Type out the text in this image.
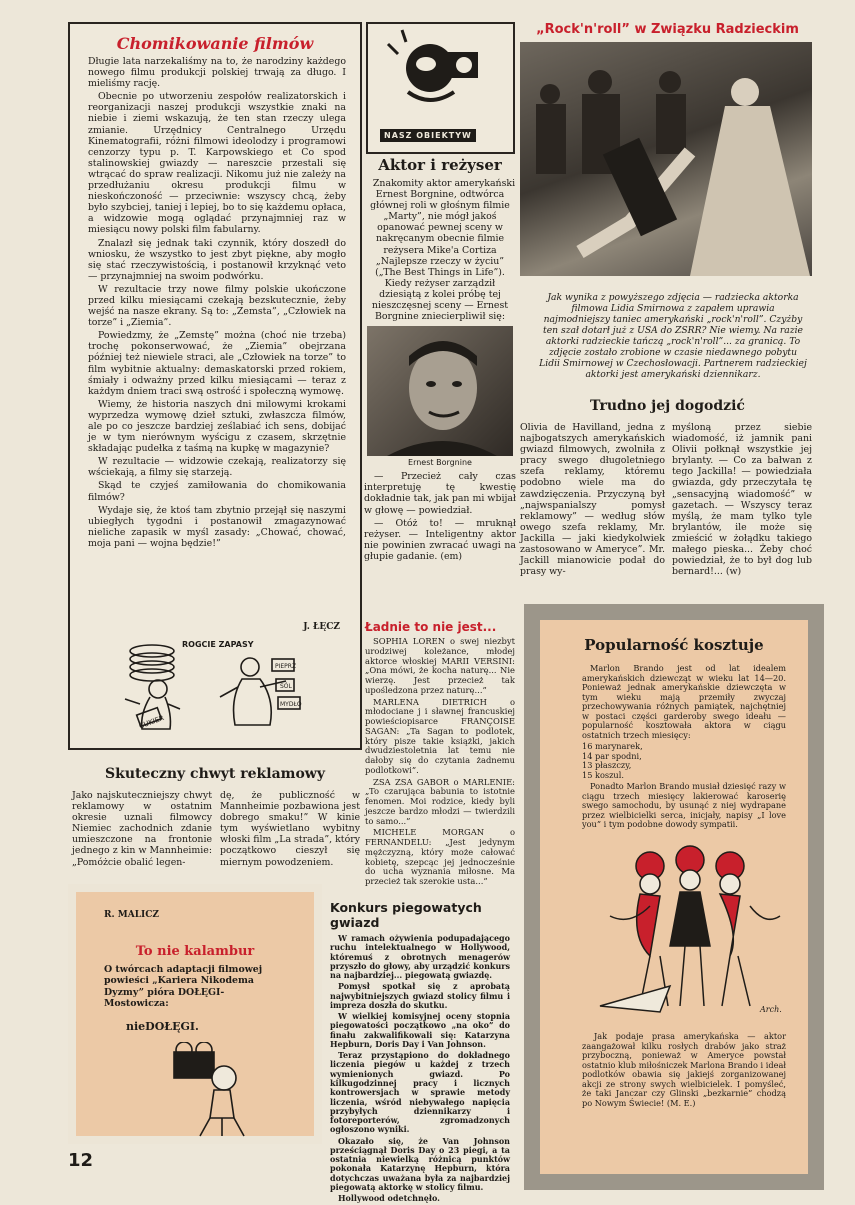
Chomikowanie filmów

Długie lata narzekaliśmy na to, że narodziny każdego nowego filmu produkcji polskiej trwają za długo. I mieliśmy rację.

Obecnie po utworzeniu zespołów realizatorskich i reorganizacji naszej produkcji wszystkie znaki na niebie i ziemi wskazują, że ten stan rzeczy ulega zmianie. Urzędnicy Centralnego Urzędu Kinematografii, różni filmowi ideolodzy i programowi cenzorzy typu p. T. Karpowskiego et Co spod stalinowskiej gwiazdy — nareszcie przestali się wtrącać do spraw realizacji. Nikomu już nie zależy na przedłużaniu okresu produkcji filmu w nieskończoność — przeciwnie: wszyscy chcą, żeby było szybciej, taniej i lepiej, bo to się każdemu opłaca, a widzowie mogą oglądać przynajmniej raz w miesiącu nowy polski film fabularny.

Znalazł się jednak taki czynnik, który doszedł do wniosku, że wszystko to jest zbyt piękne, aby mogło się stać rzeczywistością, i postanowił krzyknąć veto — przynajmniej na swoim podwórku.

W rezultacie trzy nowe filmy polskie ukończone przed kilku miesiącami czekają bezskutecznie, żeby wejść na nasze ekrany. Są to: „Zemsta”, „Człowiek na torze” i „Ziemia”.

Powiedzmy, że „Zemstę” można (choć nie trzeba) trochę pokonserwować, że „Ziemia” obejrzana później też niewiele straci, ale „Człowiek na torze” to film wybitnie aktualny: demaskatorski przed rokiem, śmiały i odważny przed kilku miesiącami — teraz z każdym dniem traci swą ostrość i społeczną wymowę.

Wiemy, że historia naszych dni milowymi krokami wyprzedza wymowę dzieł sztuki, zwłaszcza filmów, ale po co jeszcze bardziej ześlabiać ich sens, dobijać je w tym nierównym wyścigu z czasem, skrzętnie składając pudełka z taśmą na kupkę w magazynie?

W rezultacie — widzowie czekają, realizatorzy się wściekają, a filmy się starzeją.

Skąd te czyjeś zamiłowania do chomikowania filmów?

Wydaje się, że ktoś tam zbytnio przejął się naszymi ubiegłych tygodni i postanowił zmagazynować nieliche zapasik w myśl zasady: „Chować, chować, moja pani — wojna będzie!”

J. ŁĘCZ
ROGCIE ZAPASY
PIEPRZ
SÓL
MYDŁO
CUKIER
NASZ OBIEKTYW
Aktor i reżyser

Znakomity aktor amerykański Ernest Borgnine, odtwórca głównej roli w głośnym filmie „Marty”, nie mógł jakoś opanować pewnej sceny w nakręcanym obecnie filmie reżysera Mike'a Cortiza „Najlepsze rzeczy w życiu” („The Best Things in Life”). Kiedy reżyser zarządził dziesiątą z kolei próbę tej nieszczęsnej sceny — Ernest Borgnine zniecierpliwił się:

Ernest Borgnine

— Przecież cały czas interpretuję tę kwestię dokładnie tak, jak pan mi wbijał w głowę — powiedział.

— Otóż to! — mruknął reżyser. — Inteligentny aktor nie powinien zwracać uwagi na głupie gadanie. (em)

„Rock'n'roll” w Związku Radzieckim
Jak wynika z powyższego zdjęcia — radziecka aktorka filmowa Lidia Smirnowa z zapałem uprawia najmodniejszy taniec amerykański „rock'n'roll”. Czyżby ten szał dotarł już z USA do ZSRR? Nie wiemy. Na razie aktorki radzieckie tańczą „rock'n'roll”... za granicą. To zdjęcie zostało zrobione w czasie niedawnego pobytu Lidii Smirnowej w Czechosłowacji. Partnerem radzieckiej aktorki jest amerykański dziennikarz.
Trudno jej dogodzić
Olivia de Havilland, jedna z najbogatszych amerykańskich gwiazd filmowych, zwolniła z pracy swego długoletniego szefa reklamy, któremu podobno wiele ma do zawdzięczenia. Przyczyną był „najwspanialszy pomysł reklamowy” — według słów owego szefa reklamy, Mr. Jackilla — jaki kiedykolwiek zastosowano w Ameryce”. Mr. Jackill mianowicie podał do prasy wy-
myśloną przez siebie wiadomość, iż jamnik pani Olivii połknął wszystkie jej brylanty. — Co za bałwan z tego Jackilla! — powiedziała gwiazda, gdy przeczytała tę „sensacyjną wiadomość” w gazetach. — Wszyscy teraz myślą, że mam tylko tyle brylantów, ile może się zmieścić w żołądku takiego małego pieska... Żeby choć powiedział, że to był dog lub bernard!... (w)
Ładnie to nie jest...

SOPHIA LOREN o swej niezbyt urodziwej koleżance, młodej aktorce włoskiej MARII VERSINI: „Ona mówi, że kocha naturę... Nie wierzę. Jest przecież tak upośledzona przez naturę...”

MARLENA DIETRICH o młodociane j i sławnej francuskiej powieściopisarce FRANÇOISE SAGAN: „Ta Sagan to podlotek, który pisze takie książki, jakich dwudziestoletnia lat temu nie dałoby się do czytania żadnemu podlotkowi”.

ZSA ZSA GABOR o MARLENIE: „To czarująca babunia to istotnie fenomen. Moi rodzice, kiedy byli jeszcze bardzo młodzi — twierdzili to samo...”

MICHELE MORGAN o FERNANDELU: „Jest jedynym mężczyzną, który może całować kobietę, szepcąc jej jednocześnie do ucha wyznania miłosne. Ma przecież tak szerokie usta...”

Popularność kosztuje

Marlon Brando jest od lat idealem amerykańskich dziewcząt w wieku lat 14—20. Ponieważ jednak amerykańskie dziewczęta w tym wieku mają przemiły zwyczaj przechowywania różnych pamiątek, najchętniej w postaci części garderoby swego ideału — popularność kosztowała aktora w ciągu ostatnich trzech miesięcy:

16 marynarek,
14 par spodni,
13 płaszczy,
15 koszul.

Ponadto Marlon Brando musiał dziesięć razy w ciągu trzech miesięcy lakierować karoserię swego samochodu, by usunąć z niej wydrapane przez wielbicielki serca, inicjały, napisy „I love you” i tym podobne dowody sympatii.

Arch.
Jak podaje prasa amerykańska — aktor zaangażował kilku rosłych drabów jako straż przyboczną, ponieważ w Ameryce powstał ostatnio klub miłośniczek Marlona Brando i ideał podlotków obawia się jakiejś zorganizowanej akcji ze strony swych wielbicielek. I pomyśleć, że taki Janczar czy Glinski „bezkarnie” chodzą po Nowym Świecie! (M. E.)
Skuteczny chwyt reklamowy
Jako najskuteczniejszy chwyt reklamowy w ostatnim okresie uznali filmowcy Niemiec zachodnich zdanie umieszczone na frontonie jednego z kin w Mannheimie: „Pomóżcie obalić legen-
dę, że publiczność w Mannheimie pozbawiona jest dobrego smaku!” W kinie tym wyświetlano wybitny włoski film „La strada”, który początkowo cieszył się miernym powodzeniem.
R. MALICZ
To nie kalambur
O twórcach adaptacji filmowej powieści „Kariera Nikodema Dyzmy” pióra DOŁĘGI-Mostowicza:
nieDOŁĘGI.
Konkurs piegowatych gwiazd

W ramach ożywienia podupadającego ruchu intelektualnego w Hollywood, któremuś z obrotnych menagerów przyszło do głowy, aby urządzić konkurs na najbardziej... piegowatą gwiazdę.

Pomysł spotkał się z aprobatą najwybitniejszych gwiazd stolicy filmu i impreza doszła do skutku.

W wielkiej komisyjnej oceny stopnia piegowatości początkowo „na oko” do finału zakwalifikowali się: Katarzyna Hepburn, Doris Day i Van Johnson.

Teraz przystąpiono do dokładnego liczenia piegów u każdej z trzech wymienionych gwiazd. Po kilkugodzinnej pracy i licznych kontrowersjach w sprawie metody liczenia, wśród niebywałego napięcia przybyłych dziennikarzy i fotoreporterów, zgromadzonych ogłoszono wyniki.

Okazało się, że Van Johnson prześciągnął Doris Day o 23 piegi, a ta ostatnia niewielką różnicą punktów pokonała Katarzynę Hepburn, która dotychczas uważana była za najbardziej piegowatą aktorkę w stolicy filmu.

Hollywood odetchnęło.

12
